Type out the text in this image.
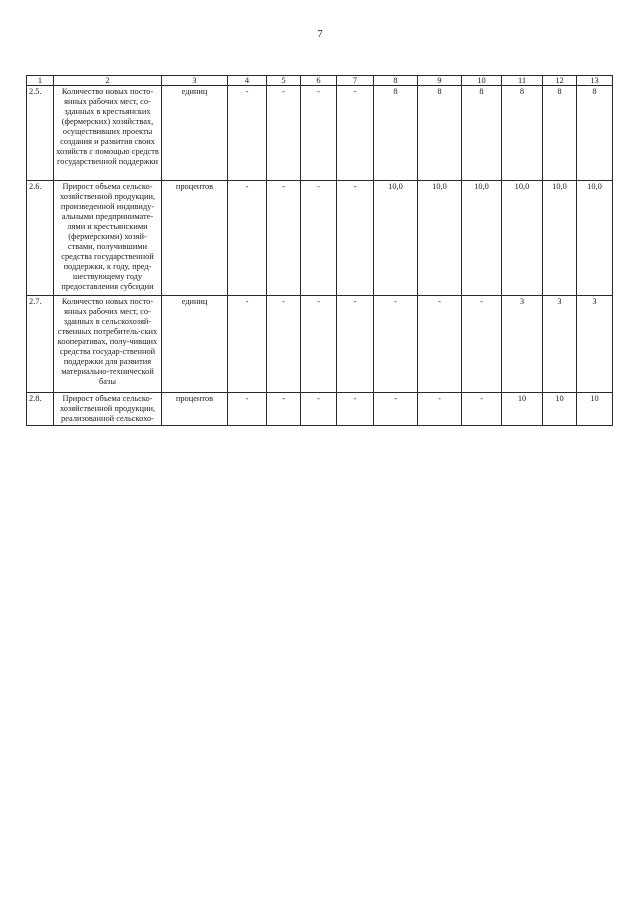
7
1	2	3	4	5	6	7	8	9	10	11	12	13
2.5.	Количество новых посто-янных рабочих мест, со-зданных в крестьянских (фермерских) хозяйствах, осуществивших проекты создания и развития своих хозяйств с помощью средств государственной поддержки	единиц	-	-	-	-	8	8	8	8	8	8
2.6.	Прирост объема сельско-хозяйственной продукции, произведенной индивиду-альными предпринимате-лями и крестьянскими (фермерскими) хозяй-ствами, получившими средства государственной поддержки, к году, пред-шествующему году предоставления субсидии	процентов	-	-	-	-	10,0	10,0	10,0	10,0	10,0	10,0
2.7.	Количество новых посто-янных рабочих мест, со-зданных в сельскохозяй-ственных потребитель-ских кооперативах, полу-чивших средства государ-ственной поддержки для развития материально-технической базы	единиц	-	-	-	-	-	-	-	3	3	3
2.8.	Прирост объема сельско-хозяйственной продукции, реализованной сельскохо-	процентов	-	-	-	-	-	-	-	10	10	10
